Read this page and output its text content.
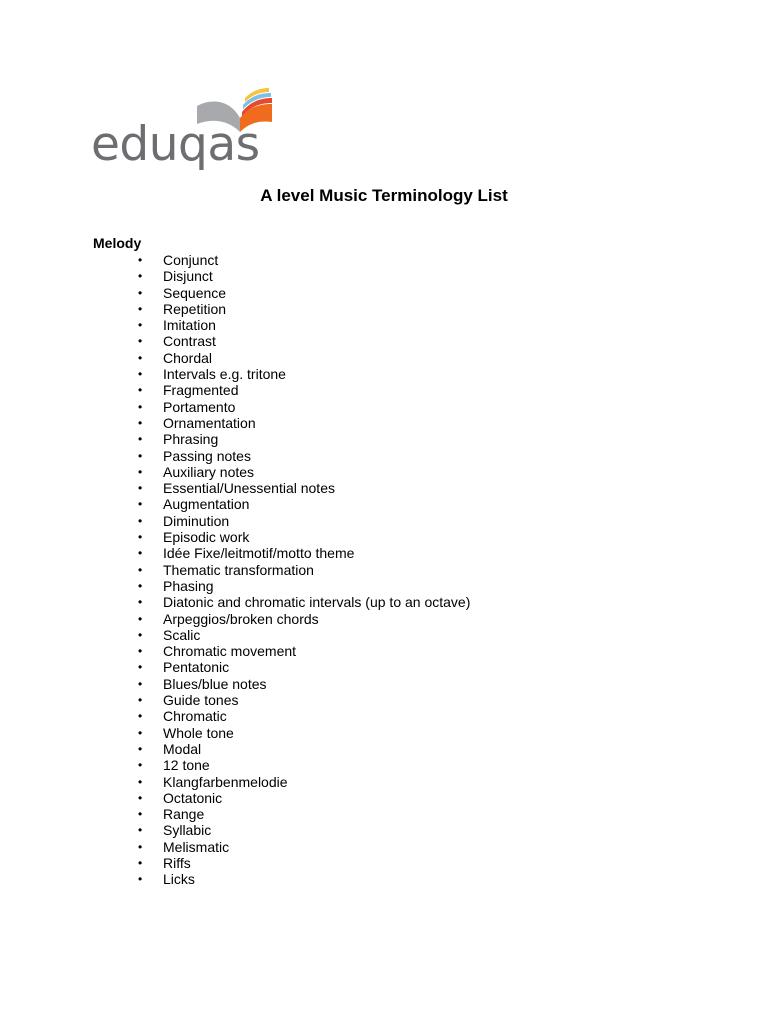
eduqas
A level Music Terminology List
Melody
• Conjunct
• Disjunct
• Sequence
• Repetition
• Imitation
• Contrast
• Chordal
• Intervals e.g. tritone
• Fragmented
• Portamento
• Ornamentation
• Phrasing
• Passing notes
• Auxiliary notes
• Essential/Unessential notes
• Augmentation
• Diminution
• Episodic work
• Idée Fixe/leitmotif/motto theme
• Thematic transformation
• Phasing
• Diatonic and chromatic intervals (up to an octave)
• Arpeggios/broken chords
• Scalic
• Chromatic movement
• Pentatonic
• Blues/blue notes
• Guide tones
• Chromatic
• Whole tone
• Modal
• 12 tone
• Klangfarbenmelodie
• Octatonic
• Range
• Syllabic
• Melismatic
• Riffs
• Licks
